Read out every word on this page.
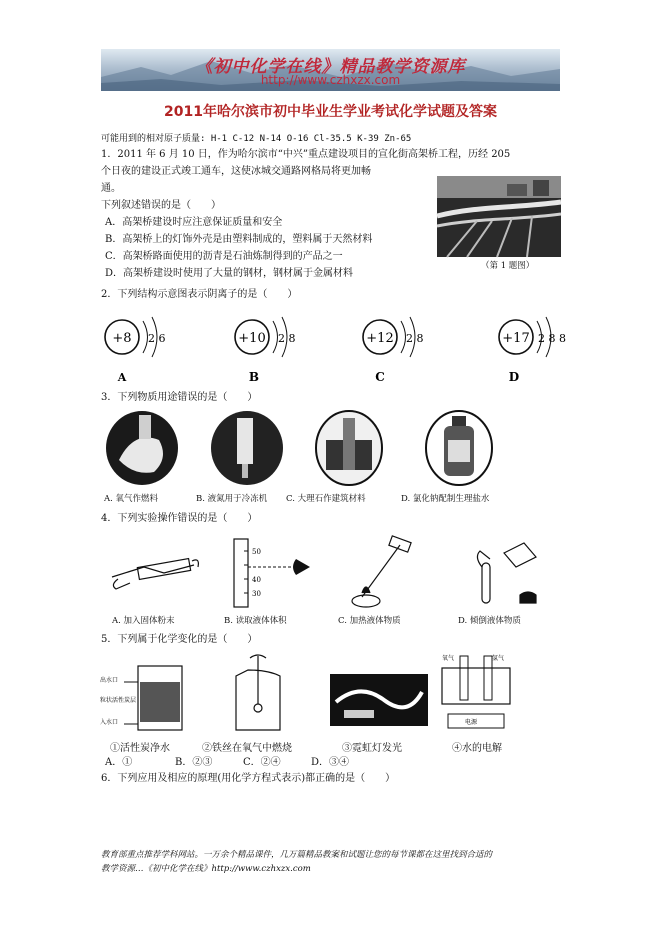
《初中化学在线》精品教学资源库
http://www.czhxzx.com
2011年哈尔滨市初中毕业生学业考试化学试题及答案
可能用到的相对原子质量: H-1 C-12 N-14 O-16 Cl-35.5 K-39 Zn-65
1．2011 年 6 月 10 日，作为哈尔滨市“中兴”重点建设项目的宣化街高架桥工程，历经 205
个日夜的建设正式竣工通车，这使冰城交通路网格局将更加畅
通。
下列叙述错误的是（　　）
A．高架桥建设时应注意保证质量和安全
B．高架桥上的灯饰外壳是由塑料制成的，塑料属于天然材料
C．高架桥路面使用的沥青是石油炼制得到的产品之一
D．高架桥建设时使用了大量的钢材，钢材属于金属材料
（第 1 题图）
2．下列结构示意图表示阴离子的是（　　）
+8 2 6
A
+10 2 8
B
+12 2 8
C
+17 2 8 8
D
3．下列物质用途错误的是（　　）
A. 氧气作燃料	B. 液氮用于冷冻机 C. 大理石作建筑材料	D. 氯化钠配制生理盐水
4．下列实验操作错误的是（　　）
50
40
30
A. 加入固体粉末	B. 读取液体体积	C. 加热液体物质	D. 倾倒液体物质
5．下列属于化学变化的是（　　）
出水口
粒状活性炭层
入水口
氧气	氢气
电源
①活性炭净水	②铁丝在氧气中燃烧	③霓虹灯发光	④水的电解
A．①	B．②③	C．②④	D．③④
6．下列应用及相应的原理(用化学方程式表示)都正确的是（　　）
教育部重点推荐学科网站。一万余个精品课件，几万篇精品教案和试题让您的每节课都在这里找到合适的
教学资源…《初中化学在线》http://www.czhxzx.com
